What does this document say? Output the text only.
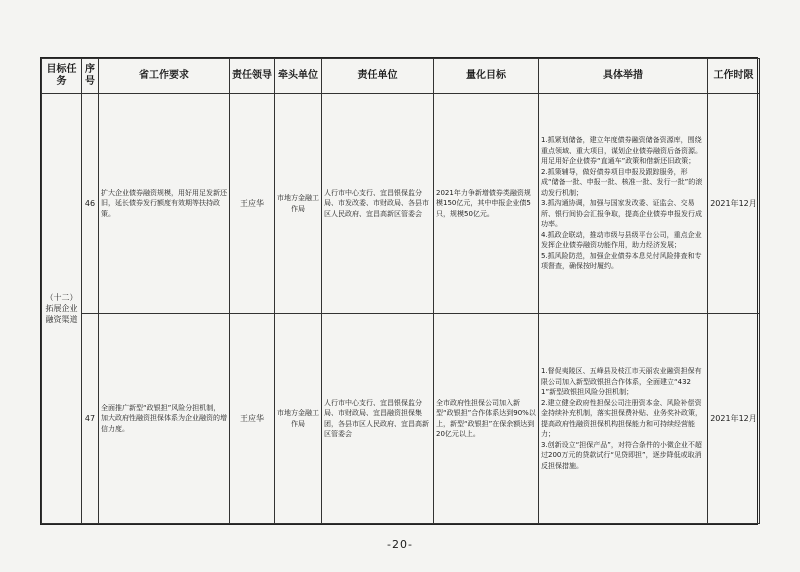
目标任务	序号	省工作要求	责任领导	牵头单位	责任单位	量化目标	具体举措	工作时限
（十二）拓展企业融资渠道	46	扩大企业债券融资规模，用好用足发新还旧，延长债券发行额度有效期等扶持政策。	王应华	市地方金融工作局	人行市中心支行、宜昌银保监分局、市发改委、市财政局、各县市区人民政府、宜昌高新区管委会	2021年力争新增债券类融资规模150亿元，其中申报企业债5只，规模50亿元。	1.抓紧划储备，建立年度债券融资储备资源库，围绕重点领域、重大项目，谋划企业债券融资后备资源。用足用好企业债券“直通车”政策和借新还旧政策；
2.抓策辅导，做好债券项目申报及跟踪服务，形成“储备一批、申报一批、核准一批、发行一批”的滚动发行机制；
3.抓沟通协调，加强与国家发改委、证监会、交易所、银行间协会汇报争取，提高企业债券申报发行成功率。
4.抓政企联动，推动市级与县级平台公司，重点企业发挥企业债券融资功能作用，助力经济发展；
5.抓风险防范，加强企业债券本息兑付风险排查和专项督查，确保按时履约。	2021年12月
	47	全面推广新型“政银担”风险分担机制，加大政府性融资担保体系为企业融资的增信力度。	王应华	市地方金融工作局	人行市中心支行、宜昌银保监分局、市财政局、宜昌融资担保集团，各县市区人民政府、宜昌高新区管委会	全市政府性担保公司加入新型“政银担”合作体系达到90%以上，新型“政银担”在保余额达到20亿元以上。	1.督促夷陵区、五峰县及枝江市天丽农业融资担保有限公司加入新型政银担合作体系，全面建立“4321”新型政银担风险分担机制；
2.建立健全政府性担保公司注册资本金、风险补偿资金持续补充机制，落实担保费补贴、业务奖补政策，提高政府性融资担保机构担保能力和可持续经营能力；
3.创新设立“担保产品”，对符合条件的小微企业不超过200万元的贷款试行“见贷即担”，逐步降低或取消反担保措施。	2021年12月
-20-
